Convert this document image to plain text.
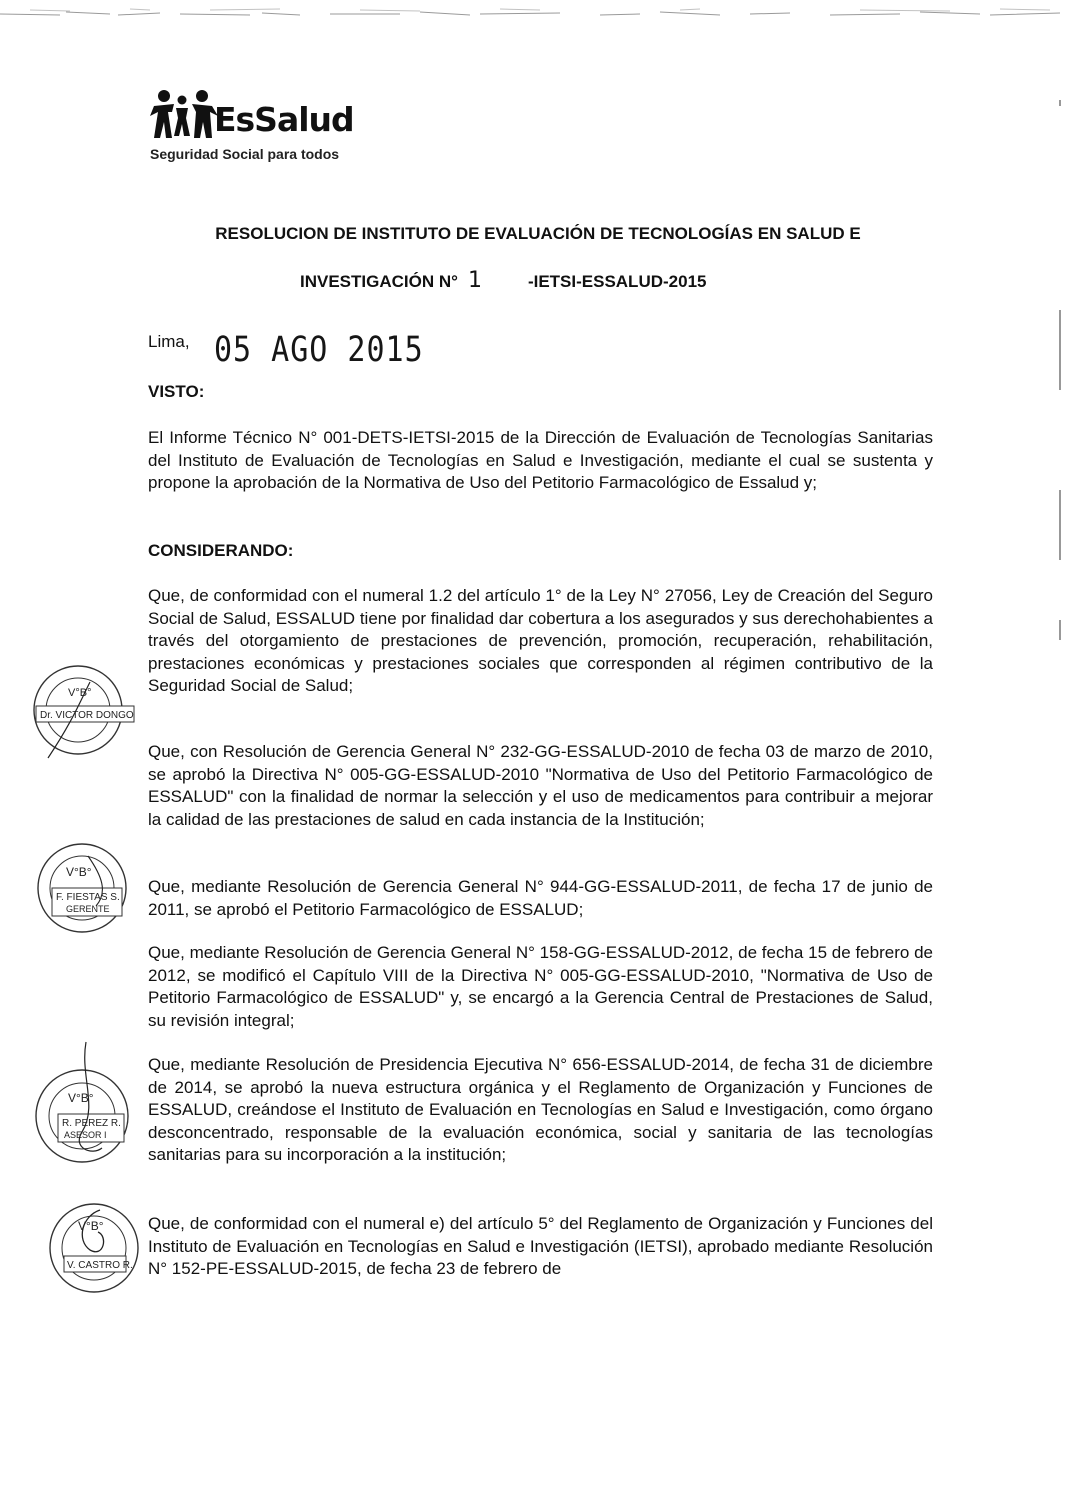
EsSalud
Seguridad Social para todos
RESOLUCION DE INSTITUTO DE EVALUACIÓN DE TECNOLOGÍAS EN SALUD E
INVESTIGACIÓN N° 1	-IETSI-ESSALUD-2015
Lima, 05 AGO 2015
VISTO:
CONSIDERANDO:

El Informe Técnico N° 001-DETS-IETSI-2015 de la Dirección de Evaluación de Tecnologías Sanitarias del Instituto de Evaluación de Tecnologías en Salud e Investigación, mediante el cual se sustenta y propone la aprobación de la Normativa de Uso del Petitorio Farmacológico de Essalud y;

Que, de conformidad con el numeral 1.2 del artículo 1° de la Ley N° 27056, Ley de Creación del Seguro Social de Salud, ESSALUD tiene por finalidad dar cobertura a los asegurados y sus derechohabientes a través del otorgamiento de prestaciones de prevención, promoción, recuperación, rehabilitación, prestaciones económicas y prestaciones sociales que corresponden al régimen contributivo de la Seguridad Social de Salud;

Que, con Resolución de Gerencia General N° 232-GG-ESSALUD-2010 de fecha 03 de marzo de 2010, se aprobó la Directiva N° 005-GG-ESSALUD-2010 "Normativa de Uso del Petitorio Farmacológico de ESSALUD" con la finalidad de normar la selección y el uso de medicamentos para contribuir a mejorar la calidad de las prestaciones de salud en cada instancia de la Institución;

Que, mediante Resolución de Gerencia General N° 944-GG-ESSALUD-2011, de fecha 17 de junio de 2011, se aprobó el Petitorio Farmacológico de ESSALUD;

Que, mediante Resolución de Gerencia General N° 158-GG-ESSALUD-2012, de fecha 15 de febrero de 2012, se modificó el Capítulo VIII de la Directiva N° 005-GG-ESSALUD-2010, "Normativa de Uso de Petitorio Farmacológico de ESSALUD" y, se encargó a la Gerencia Central de Prestaciones de Salud, su revisión integral;

Que, mediante Resolución de Presidencia Ejecutiva N° 656-ESSALUD-2014, de fecha 31 de diciembre de 2014, se aprobó la nueva estructura orgánica y el Reglamento de Organización y Funciones de ESSALUD, creándose el Instituto de Evaluación en Tecnologías en Salud e Investigación, como órgano desconcentrado, responsable de la evaluación económica, social y sanitaria de las tecnologías sanitarias para su incorporación a la institución;

Que, de conformidad con el numeral e) del artículo 5° del Reglamento de Organización y Funciones del Instituto de Evaluación en Tecnologías en Salud e Investigación (IETSI), aprobado mediante Resolución N° 152-PE-ESSALUD-2015, de fecha 23 de febrero de

V°B°
Dr. VICTOR DONGO
V°B°
F. FIESTAS S.
GERENTE
V°B°
R. PEREZ R.
ASESOR I
V°B°
V. CASTRO R.
